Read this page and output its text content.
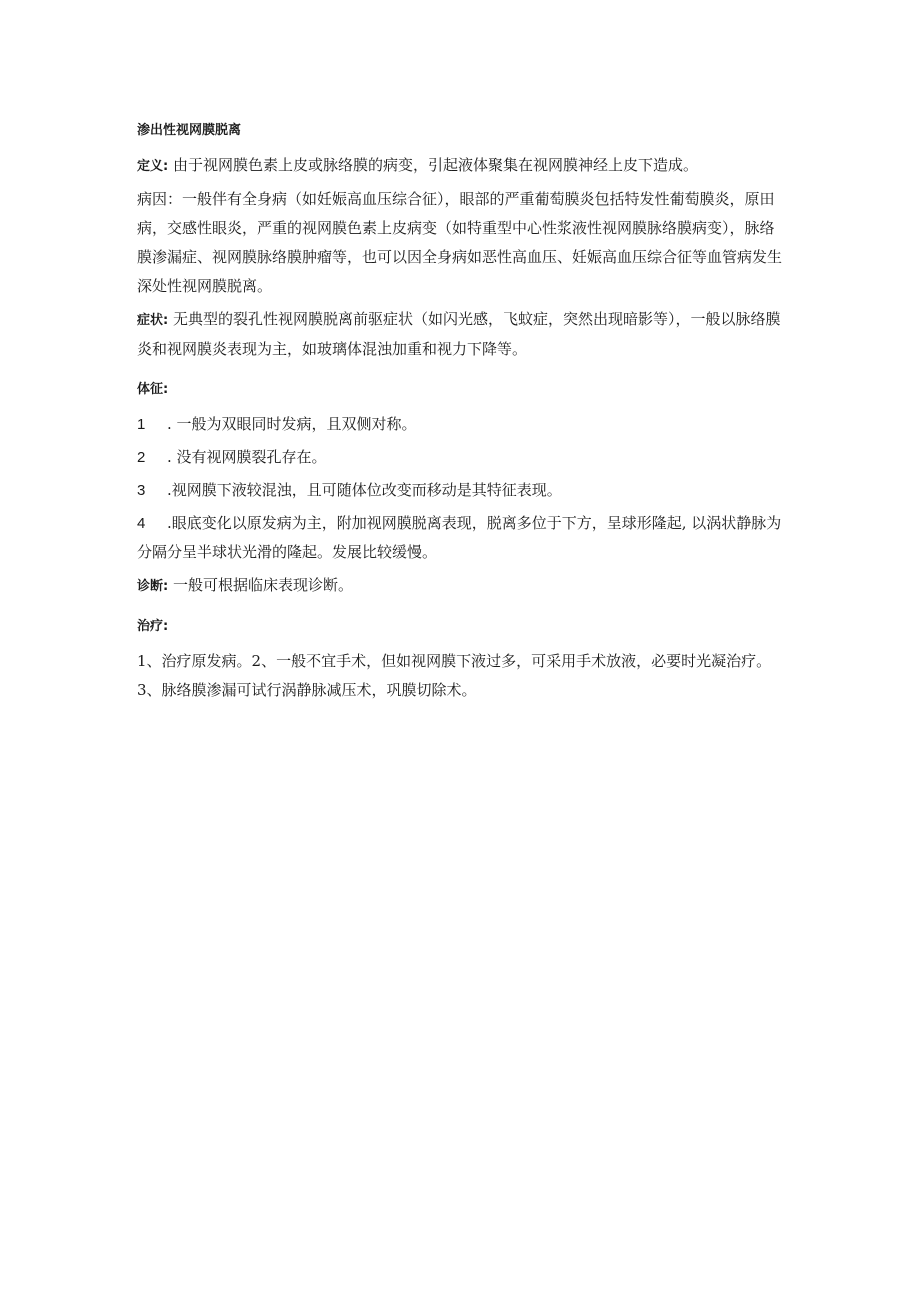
渗出性视网膜脱离

定义: 由于视网膜色素上皮或脉络膜的病变，引起液体聚集在视网膜神经上皮下造成。

病因：一般伴有全身病（如妊娠高血压综合征），眼部的严重葡萄膜炎包括特发性葡萄膜炎，原田病，交感性眼炎，严重的视网膜色素上皮病变（如特重型中心性浆液性视网膜脉络膜病变），脉络膜渗漏症、视网膜脉络膜肿瘤等，也可以因全身病如恶性高血压、妊娠高血压综合征等血管病发生深处性视网膜脱离。

症状: 无典型的裂孔性视网膜脱离前驱症状（如闪光感，飞蚊症，突然出现暗影等），一般以脉络膜炎和视网膜炎表现为主，如玻璃体混浊加重和视力下降等。

体征:

1 . 一般为双眼同时发病，且双侧对称。

2 . 没有视网膜裂孔存在。

3 .视网膜下液较混浊，且可随体位改变而移动是其特征表现。

4 .眼底变化以原发病为主，附加视网膜脱离表现，脱离多位于下方，呈球形隆起, 以涡状静脉为分隔分呈半球状光滑的隆起。发展比较缓慢。

诊断: 一般可根据临床表现诊断。

治疗:

1、治疗原发病。2、一般不宜手术，但如视网膜下液过多，可采用手术放液，必要时光凝治疗。3、脉络膜渗漏可试行涡静脉减压术，巩膜切除术。
